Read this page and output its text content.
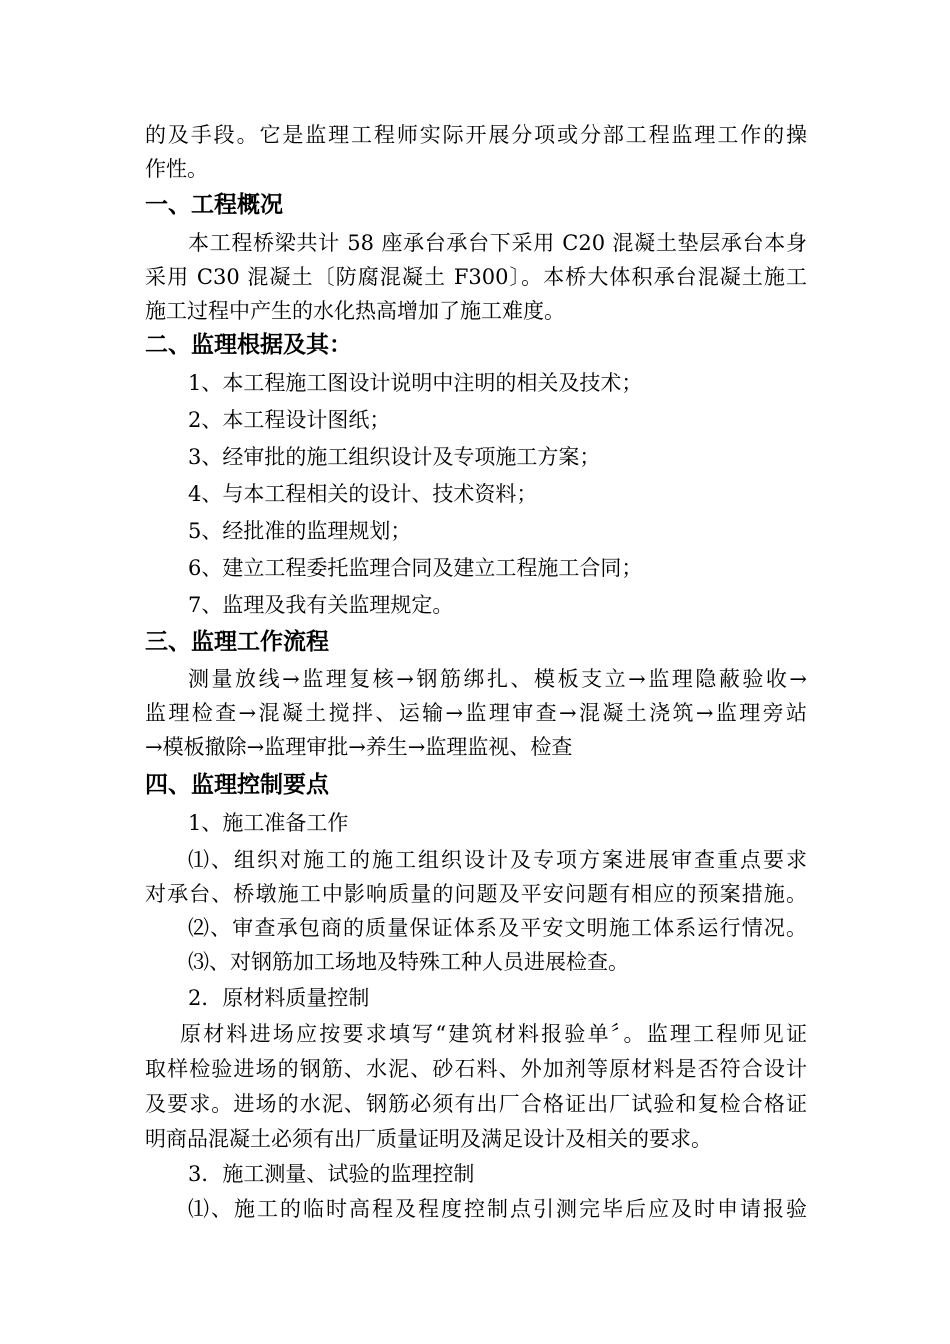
的及手段。它是监理工程师实际开展分项或分部工程监理工作的操
作性。
一、工程概况
本工程桥梁共计 58 座承台承台下采用 C20 混凝土垫层承台本身
采用 C30 混凝土〔防腐混凝土 F300〕。本桥大体积承台混凝土施工
施工过程中产生的水化热高增加了施工难度。
二、监理根据及其：
1、本工程施工图设计说明中注明的相关及技术；
2、本工程设计图纸；
3、经审批的施工组织设计及专项施工方案；
4、与本工程相关的设计、技术资料；
5、经批准的监理规划；
6、建立工程委托监理合同及建立工程施工合同；
7、监理及我有关监理规定。
三、监理工作流程
测量放线→监理复核→钢筋绑扎、模板支立→监理隐蔽验收→
监理检查→混凝土搅拌、运输→监理审查→混凝土浇筑→监理旁站
→模板撤除→监理审批→养生→监理监视、检查
四、监理控制要点
1、施工准备工作
⑴、组织对施工的施工组织设计及专项方案进展审查重点要求
对承台、桥墩施工中影响质量的问题及平安问题有相应的预案措施。
⑵、审查承包商的质量保证体系及平安文明施工体系运行情况。
⑶、对钢筋加工场地及特殊工种人员进展检查。
2．原材料质量控制
原材料进场应按要求填写“建筑材料报验单〞。监理工程师见证
取样检验进场的钢筋、水泥、砂石料、外加剂等原材料是否符合设计
及要求。进场的水泥、钢筋必须有出厂合格证出厂试验和复检合格证
明商品混凝土必须有出厂质量证明及满足设计及相关的要求。
3．施工测量、试验的监理控制
⑴、施工的临时高程及程度控制点引测完毕后应及时申请报验
